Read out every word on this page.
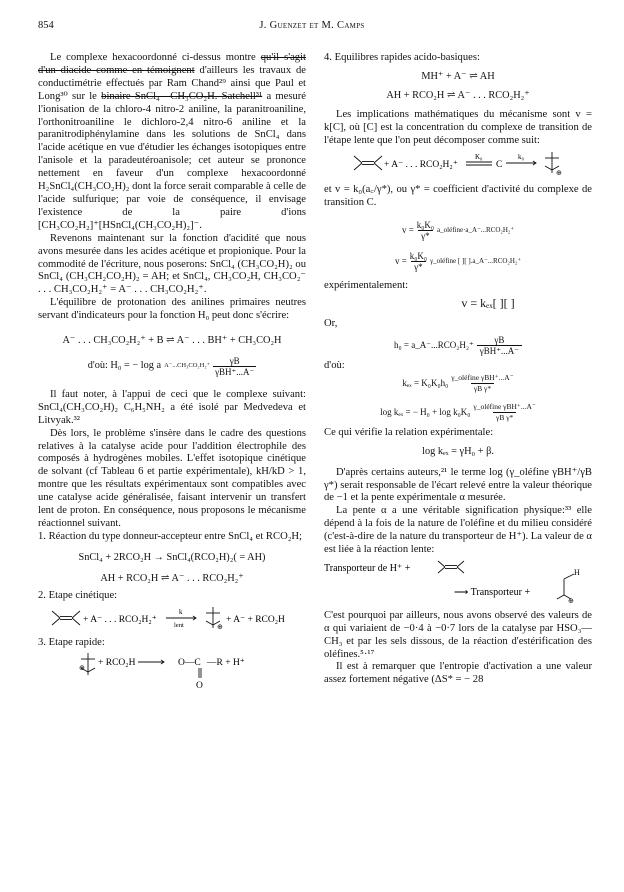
854	J. Guenzet et M. Camps

Le complexe hexacoordonné ci-dessus montre qu'il s'agit d'un diacide comme en témoignent d'ailleurs les travaux de conductimétrie effectués par Ram Chand²⁹ ainsi que Paul et Long³⁰ sur le binaire SnCl₄—CH₃CO₂H. Satchell³¹ a mesuré l'ionisation de la chloro-4 nitro-2 aniline, la paranitroaniline, l'orthonitroaniline le dichloro-2,4 nitro-6 aniline et la paranitrodiphénylamine dans les solutions de SnCl₄ dans l'acide acétique en vue d'étudier les échanges isotopiques entre l'anisole et la paradeutéroanisole; cet auteur se prononce nettement en faveur d'un complexe hexacoordonné H₂SnCl₄(CH₃CO₂H)₂ dont la force serait comparable à celle de l'acide sulfurique; par voie de conséquence, il envisage l'existence de la paire d'ions [CH₃CO₂H₂]⁺[HSnCl₄(CH₃CO₂H)₂]⁻.

Revenons maintenant sur la fonction d'acidité que nous avons mesurée dans les acides acétique et propionique. Pour la commodité de l'écriture, nous poserons: SnCl₄ (CH₃CO₂H)₂ ou SnCl₄ (CH₃CH₂CO₂H)₂ = AH; et SnCl₄, CH₃CO₂H, CH₃CO₂⁻ . . . CH₃CO₂H₂⁺ = A⁻ . . . CH₃CO₂H₂⁺.

L'équilibre de protonation des anilines primaires neutres servant d'indicateurs pour la fonction H₀ peut donc s'écrire:

A⁻ . . . CH₃CO₂H₂⁺ + B ⇌ A⁻ . . . BH⁺ + CH₃CO₂H
d'où: H₀ = − log a A⁻...CH₃CO₂H₂⁺ γB
γBH⁺...A⁻

Il faut noter, à l'appui de ceci que le complexe suivant: SnCl₄(CH₃CO₂H)₂ C₆H₅NH₂ a été isolé par Medvedeva et Litvyak.³²

Dès lors, le problème s'insère dans le cadre des questions relatives à la catalyse acide pour l'addition électrophile des composés à hydrogènes mobiles. L'effet isotopique cinétique de solvant (cf Tableau 6 et partie expérimentale), kH/kD > 1, montre que les résultats expérimentaux sont compatibles avec une catalyse acide généralisée, faisant intervenir un transfert lent de proton. En conséquence, nous proposons le mécanisme réactionnel suivant.

1. Réaction du type donneur-accepteur entre SnCl₄ et RCO₂H;

SnCl₄ + 2RCO₂H → SnCl₄(RCO₂H)₂( = AH)
AH + RCO₂H ⇌ A⁻ . . . RCO₂H₂⁺

2. Etape cinétique:

+ A⁻ . . . RCO₂H₂⁺
k
lent	⊕
+ A⁻ + RCO₂H

3. Etape rapide:

⊕ + RCO₂H	O—C —R + H⁺
O

4. Equilibres rapides acido-basiques:

MH⁺ + A⁻ ⇌ AH
AH + RCO₂H ⇌ A⁻ . . . RCO₂H₂⁺

Les implications mathématiques du mécanisme sont v = k[C], où [C] est la concentration du complexe de transition de l'étape lente que l'on peut décomposer comme suit:

+ A⁻ . . . RCO₂H₂⁺
K₀
C
k₀
⊕

et v = k₀(a꜀/γ*), ou γ* = coefficient d'activité du complexe de transition C.

$v = \frac{\text{k₀K₀}}{\gamma*}$ a_oléfine·a_A⁻...RCO₂H₂⁺
$v = \frac{\text{k₀K₀}}{\gamma*}$ γ_oléfine [ ][ ].a_A⁻...RCO₂H₂⁺

expérimentalement:

v = kₑₓ[ ][ ]

Or,

h₀ = a_A⁻...RCO₂H₂⁺
γB
γBH⁺...A⁻

d'où:

kₑₓ = K₀K₀h₀
γ_oléfine γBH⁺...A⁻
γB γ*
log kₑₓ = − H₀ + log k₀K₀
γ_oléfine γBH⁺...A⁻
γB γ*

Ce qui vérifie la relation expérimentale:

log kₑₓ = γH₀ + β.

D'après certains auteurs,²¹ le terme log (γ_oléfine γBH⁺/γB γ*) serait responsable de l'écart relevé entre la valeur théorique de −1 et la pente expérimentale α mesurée.

La pente α a une véritable signification physique:³³ elle dépend à la fois de la nature de l'oléfine et du milieu considéré (c'est-à-dire de la nature du transporteur de H⁺). La valeur de α est liée à la réaction lente:

Transporteur de H⁺ +
⟶ Transporteur +
H
⊕

C'est pourquoi par ailleurs, nous avons observé des valeurs de α qui variaient de −0·4 à −0·7 lors de la catalyse par HSO₃—CH₃ et par les sels dissous, de la réaction d'estérification des oléfines.⁵·¹⁷

Il est à remarquer que l'entropie d'activation a une valeur assez fortement négative (ΔS* = − 28
